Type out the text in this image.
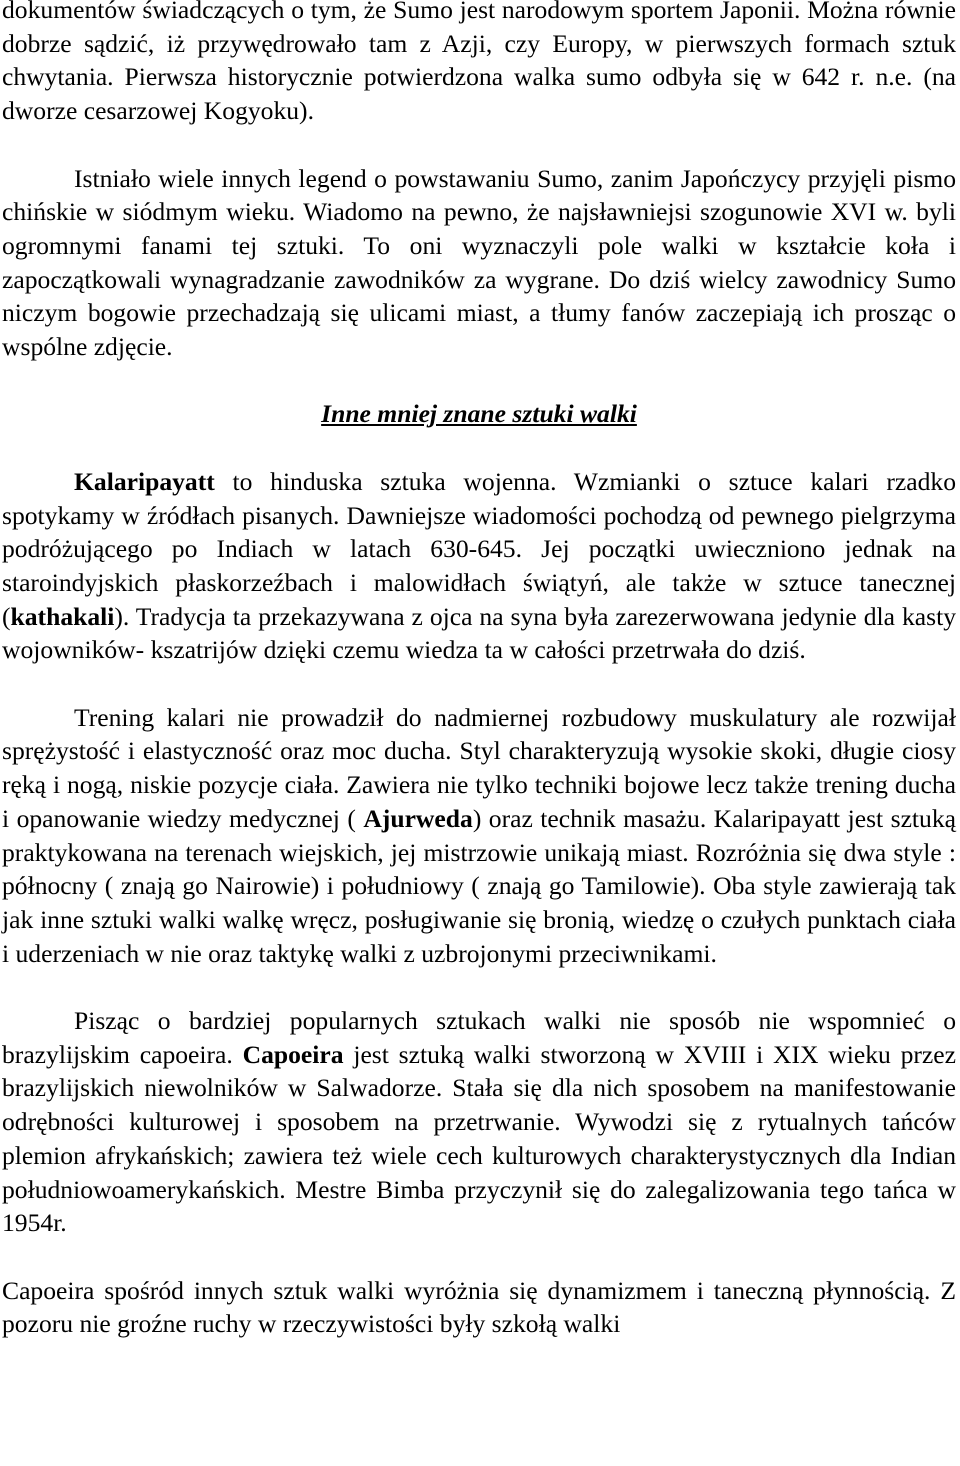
dokumentów świadczących o tym, że Sumo jest narodowym sportem Japonii. Można równie dobrze sądzić, iż przywędrowało tam z Azji, czy Europy, w pierwszych formach sztuk chwytania. Pierwsza historycznie potwierdzona walka sumo odbyła się w 642 r. n.e. (na dworze cesarzowej Kogyoku).

Istniało wiele innych legend o powstawaniu Sumo, zanim Japończycy przyjęli pismo chińskie w siódmym wieku. Wiadomo na pewno, że najsławniejsi szogunowie XVI w. byli ogromnymi fanami tej sztuki. To oni wyznaczyli pole walki w kształcie koła i zapoczątkowali wynagradzanie zawodników za wygrane. Do dziś wielcy zawodnicy Sumo niczym bogowie przechadzają się ulicami miast, a tłumy fanów zaczepiają ich prosząc o wspólne zdjęcie.

Inne mniej znane sztuki walki

Kalaripayatt to hinduska sztuka wojenna. Wzmianki o sztuce kalari rzadko spotykamy w źródłach pisanych. Dawniejsze wiadomości pochodzą od pewnego pielgrzyma podróżującego po Indiach w latach 630-645. Jej początki uwieczniono jednak na staroindyjskich płaskorzeźbach i malowidłach świątyń, ale także w sztuce tanecznej (kathakali). Tradycja ta przekazywana z ojca na syna była zarezerwowana jedynie dla kasty wojowników- kszatrijów dzięki czemu wiedza ta w całości przetrwała do dziś.

Trening kalari nie prowadził do nadmiernej rozbudowy muskulatury ale rozwijał sprężystość i elastyczność oraz moc ducha. Styl charakteryzują wysokie skoki, długie ciosy ręką i nogą, niskie pozycje ciała. Zawiera nie tylko techniki bojowe lecz także trening ducha i opanowanie wiedzy medycznej ( Ajurweda) oraz technik masażu. Kalaripayatt jest sztuką praktykowana na terenach wiejskich, jej mistrzowie unikają miast. Rozróżnia się dwa style : północny ( znają go Nairowie) i południowy ( znają go Tamilowie). Oba style zawierają tak jak inne sztuki walki walkę wręcz, posługiwanie się bronią, wiedzę o czułych punktach ciała i uderzeniach w nie oraz taktykę walki z uzbrojonymi przeciwnikami.

Pisząc o bardziej popularnych sztukach walki nie sposób nie wspomnieć o brazylijskim capoeira. Capoeira jest sztuką walki stworzoną w XVIII i XIX wieku przez brazylijskich niewolników w Salwadorze. Stała się dla nich sposobem na manifestowanie odrębności kulturowej i sposobem na przetrwanie. Wywodzi się z rytualnych tańców plemion afrykańskich; zawiera też wiele cech kulturowych charakterystycznych dla Indian południowoamerykańskich. Mestre Bimba przyczynił się do zalegalizowania tego tańca w 1954r.

Capoeira spośród innych sztuk walki wyróżnia się dynamizmem i taneczną płynnością. Z pozoru nie groźne ruchy w rzeczywistości były szkołą walki
